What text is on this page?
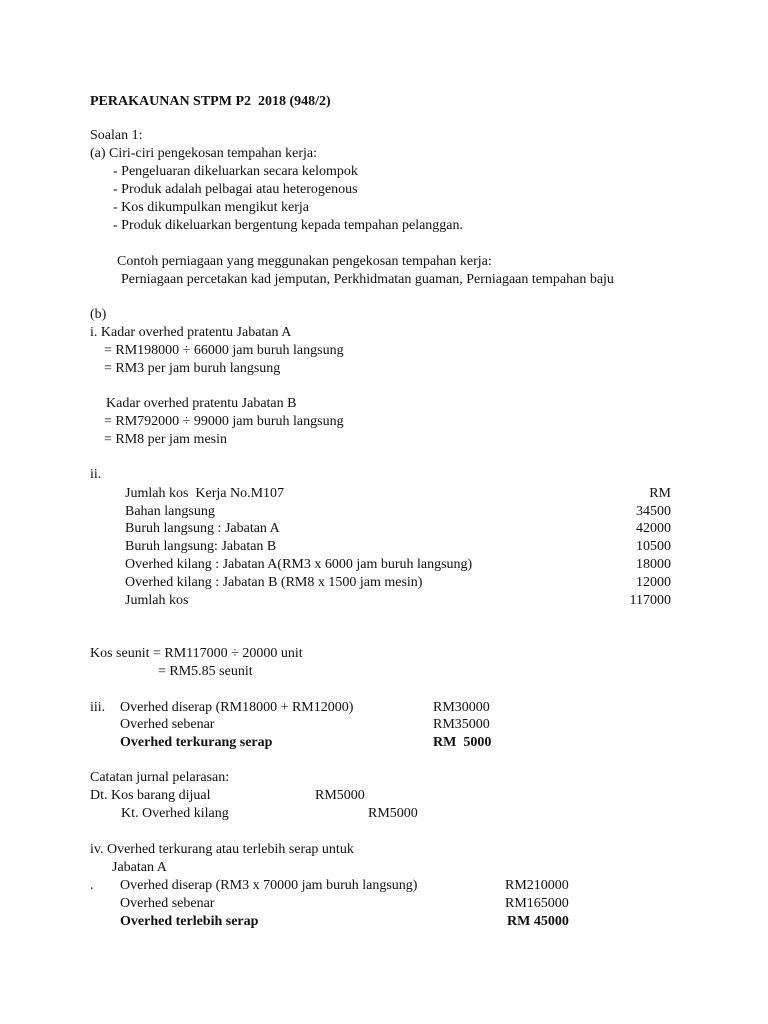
PERAKAUNAN STPM P2  2018 (948/2)
Soalan 1:
(a) Ciri-ciri pengekosan tempahan kerja:
- Pengeluaran dikeluarkan secara kelompok
- Produk adalah pelbagai atau heterogenous
- Kos dikumpulkan mengikut kerja
- Produk dikeluarkan bergentung kepada tempahan pelanggan.
Contoh perniagaan yang meggunakan pengekosan tempahan kerja:
Perniagaan percetakan kad jemputan, Perkhidmatan guaman, Perniagaan tempahan baju
(b)
i. Kadar overhed pratentu Jabatan A
= RM198000 ÷ 66000 jam buruh langsung
= RM3 per jam buruh langsung
Kadar overhed pratentu Jabatan B
= RM792000 ÷ 99000 jam buruh langsung
= RM8 per jam mesin
ii.
Jumlah kos  Kerja No.M107	RM
Bahan langsung	34500
Buruh langsung : Jabatan A	42000
Buruh langsung: Jabatan B	10500
Overhed kilang : Jabatan A(RM3 x 6000 jam buruh langsung)	18000
Overhed kilang : Jabatan B (RM8 x 1500 jam mesin)	12000
Jumlah kos	117000
Kos seunit = RM117000 ÷ 20000 unit
= RM5.85 seunit
iii. Overhed diserap (RM18000 + RM12000)	RM30000
Overhed sebenar	RM35000
Overhed terkurang serap	RM  5000
Catatan jurnal pelarasan:
Dt. Kos barang dijual	RM5000
Kt. Overhed kilang	RM5000
iv. Overhed terkurang atau terlebih serap untuk
Jabatan A
. Overhed diserap (RM3 x 70000 jam buruh langsung)	RM210000
Overhed sebenar	RM165000
Overhed terlebih serap	RM 45000
